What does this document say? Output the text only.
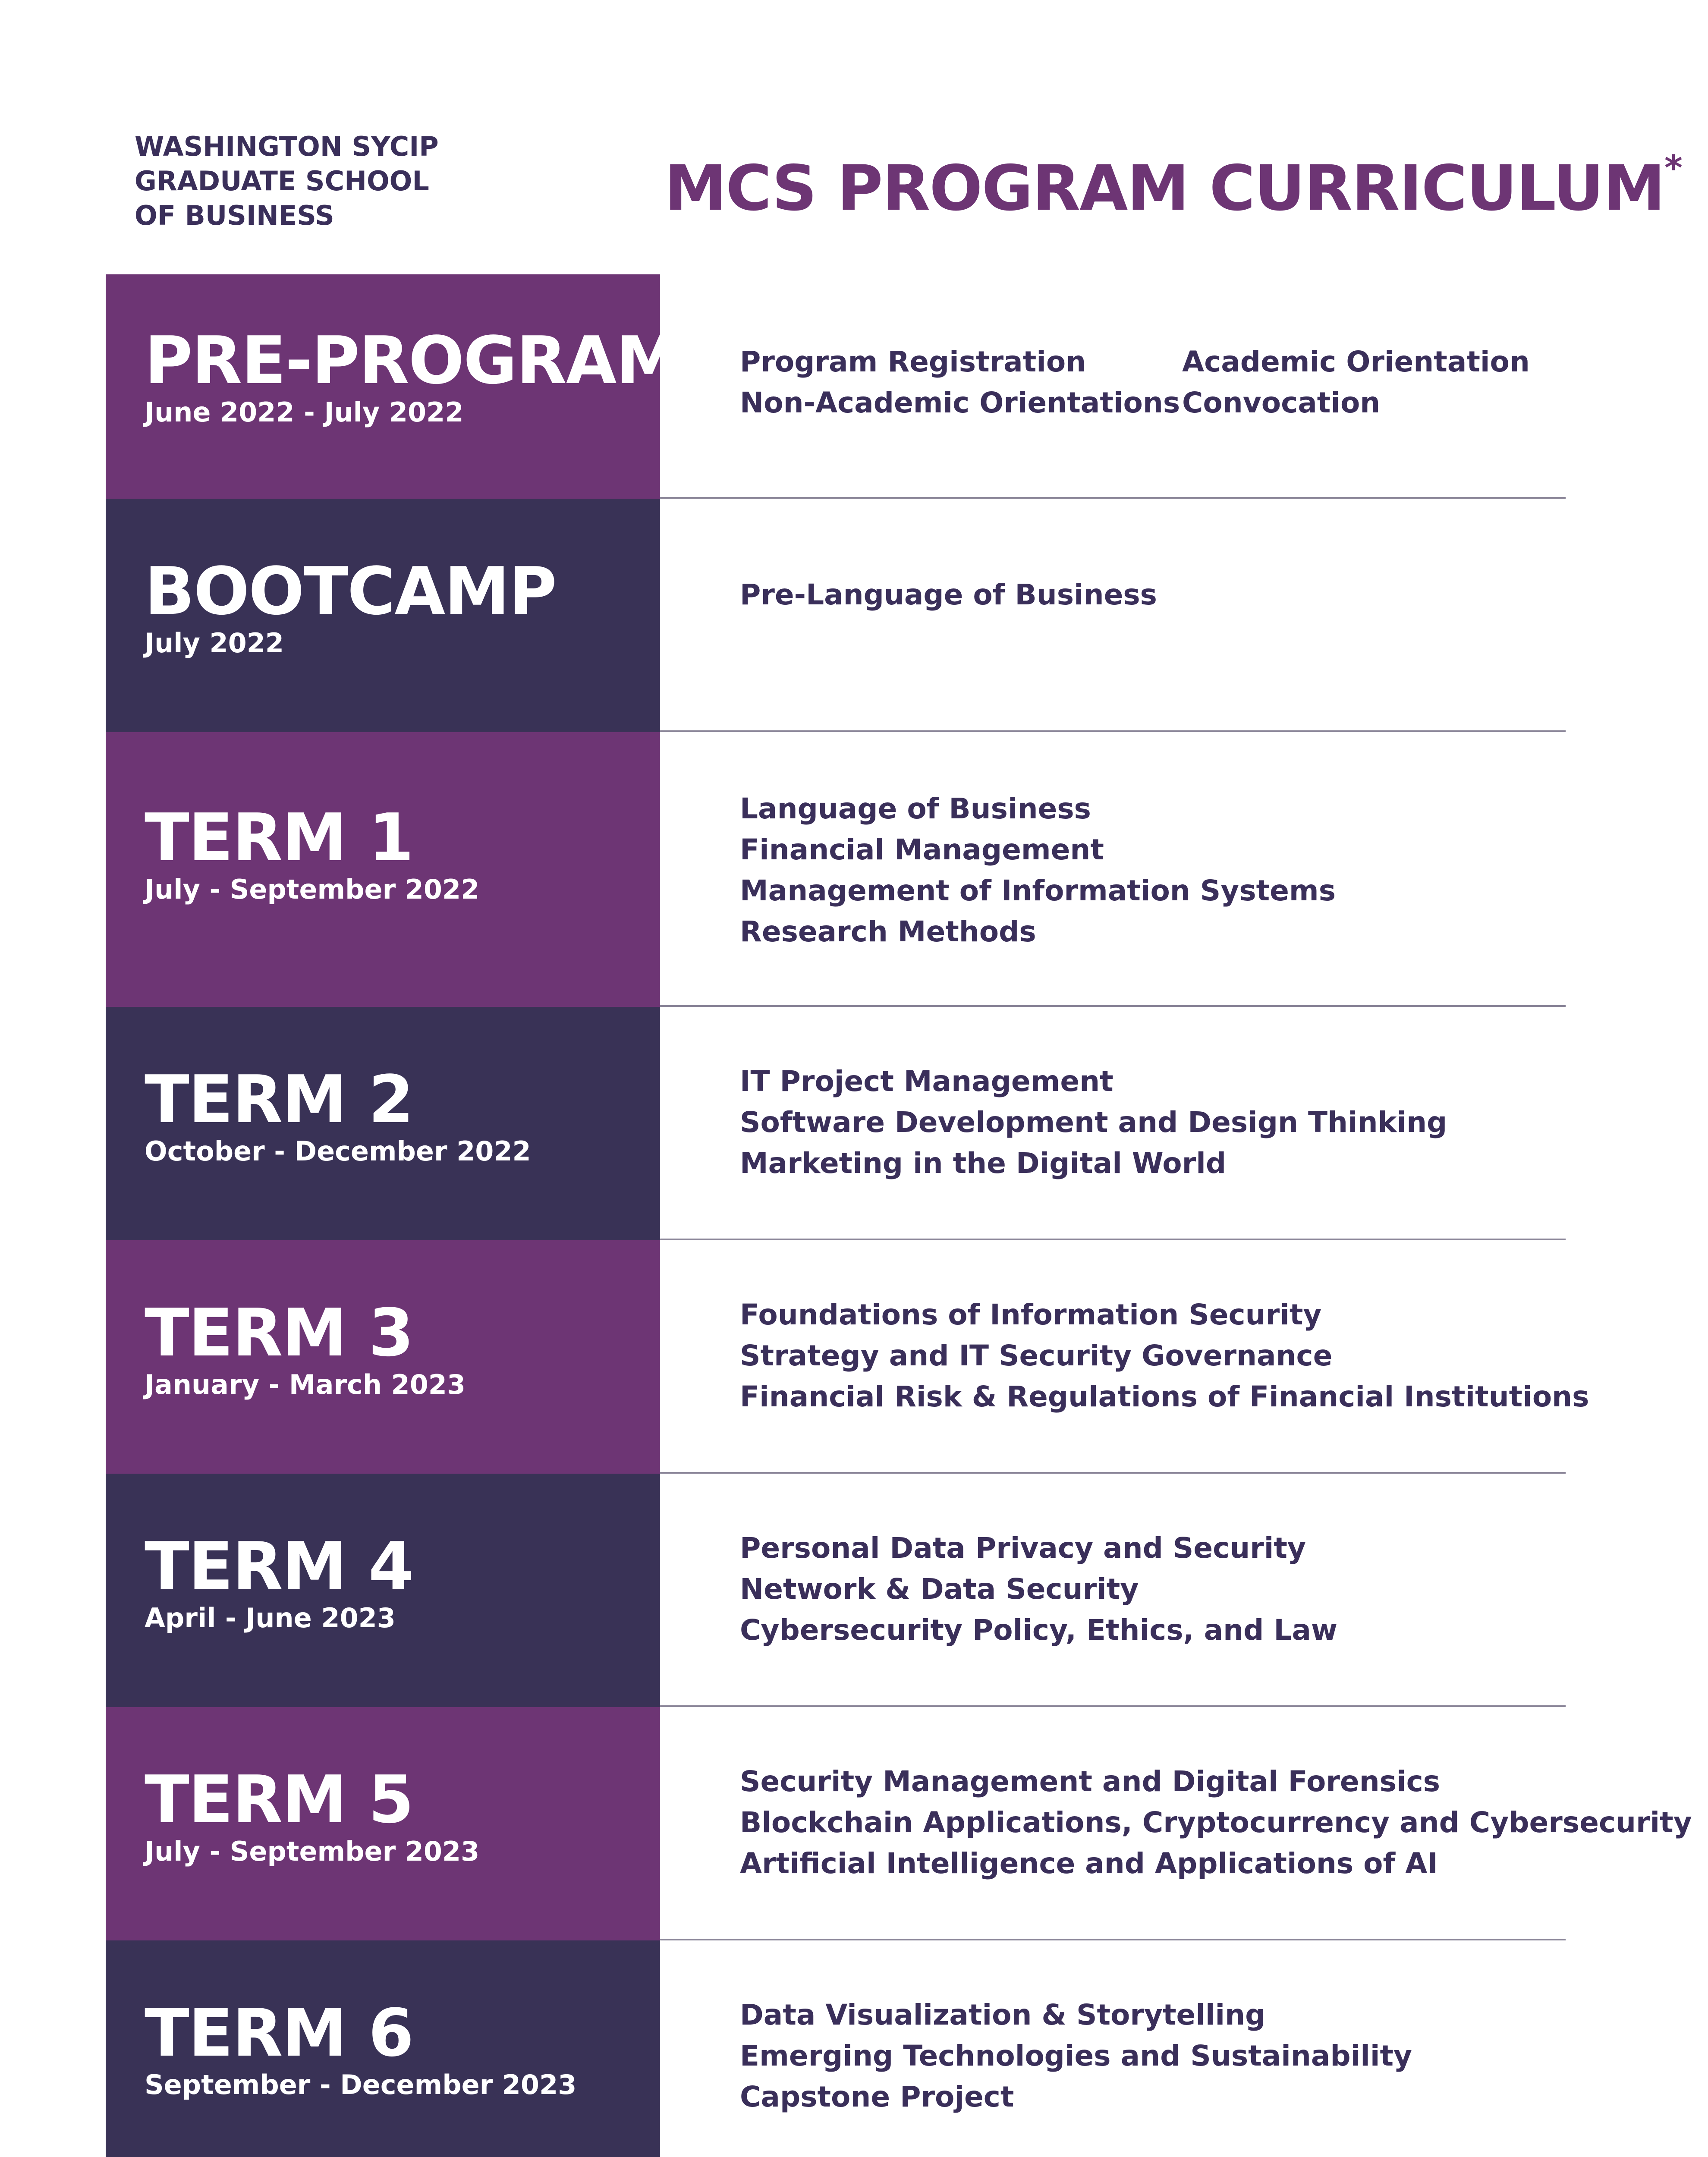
WASHINGTON SYCIP
GRADUATE SCHOOL
OF BUSINESS	MCS PROGRAM CURRICULUM*
PRE-PROGRAM
June 2022 - July 2022
Program Registration
Non-Academic Orientations
Academic Orientation
Convocation
BOOTCAMP
July 2022
Pre-Language of Business
TERM 1
July - September 2022
Language of Business
Financial Management
Management of Information Systems
Research Methods
TERM 2
October - December 2022
IT Project Management
Software Development and Design Thinking
Marketing in the Digital World
TERM 3
January - March 2023
Foundations of Information Security
Strategy and IT Security Governance
Financial Risk & Regulations of Financial Institutions
TERM 4
April - June 2023
Personal Data Privacy and Security
Network & Data Security
Cybersecurity Policy, Ethics, and Law
TERM 5
July - September 2023
Security Management and Digital Forensics
Blockchain Applications, Cryptocurrency and Cybersecurity
Artificial Intelligence and Applications of AI
TERM 6
September - December 2023
Data Visualization & Storytelling
Emerging Technologies and Sustainability
Capstone Project
